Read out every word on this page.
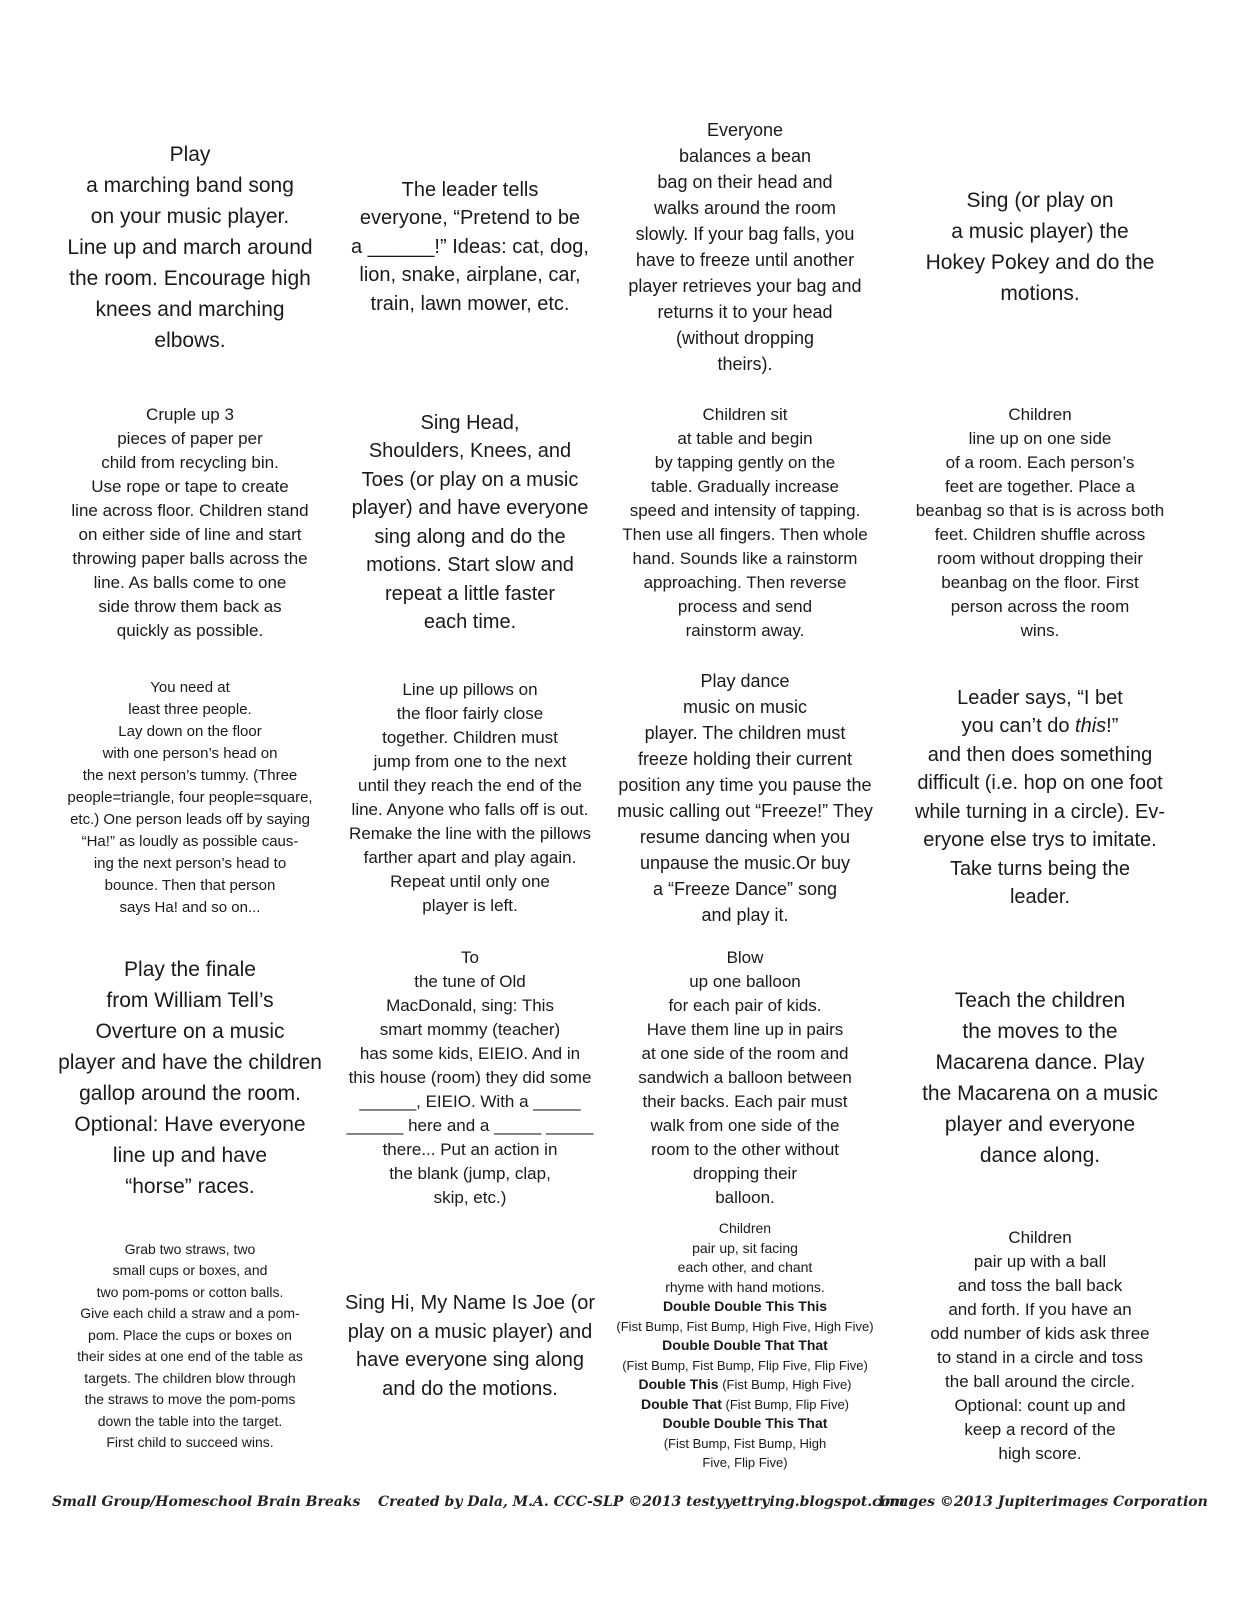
Play
a marching band song
on your music player.
Line up and march around
the room. Encourage high
knees and marching
elbows.
The leader tells
everyone, “Pretend to be
a ______!” Ideas: cat, dog,
lion, snake, airplane, car,
train, lawn mower, etc.
Everyone
balances a bean
bag on their head and
walks around the room
slowly. If your bag falls, you
have to freeze until another
player retrieves your bag and
returns it to your head
(without dropping
theirs).
Sing (or play on
a music player) the
Hokey Pokey and do the
motions.
Cruple up 3
pieces of paper per
child from recycling bin.
Use rope or tape to create
line across floor. Children stand
on either side of line and start
throwing paper balls across the
line. As balls come to one
side throw them back as
quickly as possible.
Sing Head,
Shoulders, Knees, and
Toes (or play on a music
player) and have everyone
sing along and do the
motions. Start slow and
repeat a little faster
each time.
Children sit
at table and begin
by tapping gently on the
table. Gradually increase
speed and intensity of tapping.
Then use all fingers. Then whole
hand. Sounds like a rainstorm
approaching. Then reverse
process and send
rainstorm away.
Children
line up on one side
of a room. Each person’s
feet are together. Place a
beanbag so that is is across both
feet. Children shuffle across
room without dropping their
beanbag on the floor. First
person across the room
wins.
You need at
least three people.
Lay down on the floor
with one person’s head on
the next person’s tummy. (Three
people=triangle, four people=square,
etc.) One person leads off by saying
“Ha!” as loudly as possible caus-
ing the next person’s head to
bounce. Then that person
says Ha! and so on...
Line up pillows on
the floor fairly close
together. Children must
jump from one to the next
until they reach the end of the
line. Anyone who falls off is out.
Remake the line with the pillows
farther apart and play again.
Repeat until only one
player is left.
Play dance
music on music
player. The children must
freeze holding their current
position any time you pause the
music calling out “Freeze!” They
resume dancing when you
unpause the music.Or buy
a “Freeze Dance” song
and play it.
Leader says, “I bet
you can’t do this!”
and then does something
difficult (i.e. hop on one foot
while turning in a circle). Ev-
eryone else trys to imitate.
Take turns being the
leader.
Play the finale
from William Tell’s
Overture on a music
player and have the children
gallop around the room.
Optional: Have everyone
line up and have
“horse” races.
To
the tune of Old
MacDonald, sing: This
smart mommy (teacher)
has some kids, EIEIO. And in
this house (room) they did some
______, EIEIO. With a _____
______ here and a _____ _____
there... Put an action in
the blank (jump, clap,
skip, etc.)
Blow
up one balloon
for each pair of kids.
Have them line up in pairs
at one side of the room and
sandwich a balloon between
their backs. Each pair must
walk from one side of the
room to the other without
dropping their
balloon.
Teach the children
the moves to the
Macarena dance. Play
the Macarena on a music
player and everyone
dance along.
Grab two straws, two
small cups or boxes, and
two pom-poms or cotton balls.
Give each child a straw and a pom-
pom. Place the cups or boxes on
their sides at one end of the table as
targets. The children blow through
the straws to move the pom-poms
down the table into the target.
First child to succeed wins.
Sing Hi, My Name Is Joe (or
play on a music player) and
have everyone sing along
and do the motions.
Children
pair up, sit facing
each other, and chant
rhyme with hand motions.
Double Double This This
(Fist Bump, Fist Bump, High Five, High Five)
Double Double That That
(Fist Bump, Fist Bump, Flip Five, Flip Five)
Double This (Fist Bump, High Five)
Double That (Fist Bump, Flip Five)
Double Double This That
(Fist Bump, Fist Bump, High
Five, Flip Five)
Children
pair up with a ball
and toss the ball back
and forth. If you have an
odd number of kids ask three
to stand in a circle and toss
the ball around the circle.
Optional: count up and
keep a record of the
high score.
Small Group/Homeschool Brain Breaks Created by Dala, M.A. CCC-SLP ©2013 testyyettrying.blogspot.com
Images ©2013 Jupiterimages Corporation
